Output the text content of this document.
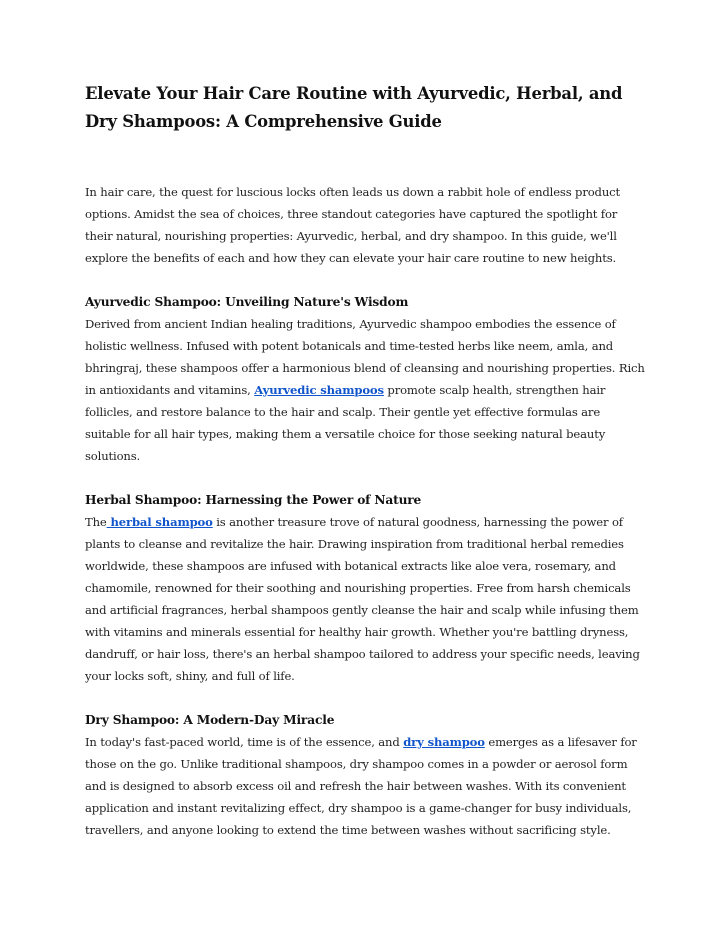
Elevate Your Hair Care Routine with Ayurvedic, Herbal, and Dry Shampoos: A Comprehensive Guide

In hair care, the quest for luscious locks often leads us down a rabbit hole of endless product options. Amidst the sea of choices, three standout categories have captured the spotlight for their natural, nourishing properties: Ayurvedic, herbal, and dry shampoo. In this guide, we'll explore the benefits of each and how they can elevate your hair care routine to new heights.

Ayurvedic Shampoo: Unveiling Nature's Wisdom

Derived from ancient Indian healing traditions, Ayurvedic shampoo embodies the essence of holistic wellness. Infused with potent botanicals and time-tested herbs like neem, amla, and bhringraj, these shampoos offer a harmonious blend of cleansing and nourishing properties. Rich in antioxidants and vitamins, Ayurvedic shampoos promote scalp health, strengthen hair follicles, and restore balance to the hair and scalp. Their gentle yet effective formulas are suitable for all hair types, making them a versatile choice for those seeking natural beauty solutions.

Herbal Shampoo: Harnessing the Power of Nature

The herbal shampoo is another treasure trove of natural goodness, harnessing the power of plants to cleanse and revitalize the hair. Drawing inspiration from traditional herbal remedies worldwide, these shampoos are infused with botanical extracts like aloe vera, rosemary, and chamomile, renowned for their soothing and nourishing properties. Free from harsh chemicals and artificial fragrances, herbal shampoos gently cleanse the hair and scalp while infusing them with vitamins and minerals essential for healthy hair growth. Whether you're battling dryness, dandruff, or hair loss, there's an herbal shampoo tailored to address your specific needs, leaving your locks soft, shiny, and full of life.

Dry Shampoo: A Modern-Day Miracle

In today's fast-paced world, time is of the essence, and dry shampoo emerges as a lifesaver for those on the go. Unlike traditional shampoos, dry shampoo comes in a powder or aerosol form and is designed to absorb excess oil and refresh the hair between washes. With its convenient application and instant revitalizing effect, dry shampoo is a game-changer for busy individuals, travellers, and anyone looking to extend the time between washes without sacrificing style.
